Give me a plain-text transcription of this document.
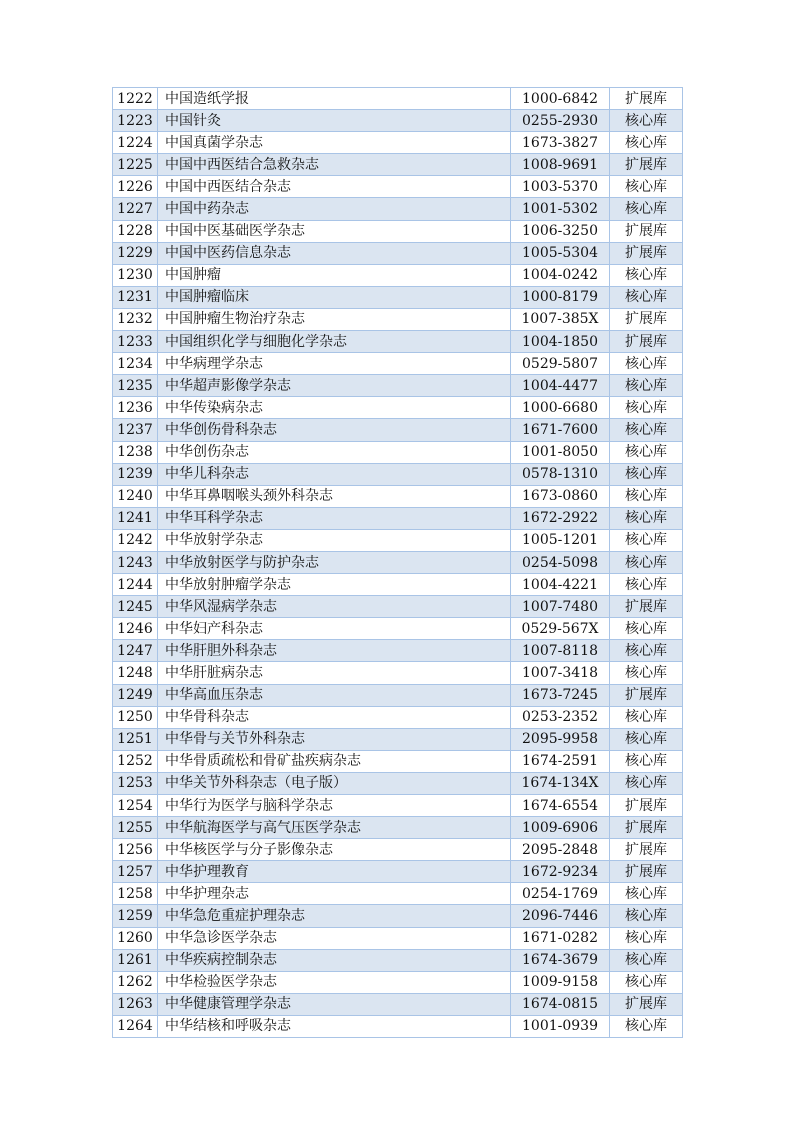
1222	中国造纸学报	1000-6842	扩展库
1223	中国针灸	0255-2930	核心库
1224	中国真菌学杂志	1673-3827	核心库
1225	中国中西医结合急救杂志	1008-9691	扩展库
1226	中国中西医结合杂志	1003-5370	核心库
1227	中国中药杂志	1001-5302	核心库
1228	中国中医基础医学杂志	1006-3250	扩展库
1229	中国中医药信息杂志	1005-5304	扩展库
1230	中国肿瘤	1004-0242	核心库
1231	中国肿瘤临床	1000-8179	核心库
1232	中国肿瘤生物治疗杂志	1007-385X	扩展库
1233	中国组织化学与细胞化学杂志	1004-1850	扩展库
1234	中华病理学杂志	0529-5807	核心库
1235	中华超声影像学杂志	1004-4477	核心库
1236	中华传染病杂志	1000-6680	核心库
1237	中华创伤骨科杂志	1671-7600	核心库
1238	中华创伤杂志	1001-8050	核心库
1239	中华儿科杂志	0578-1310	核心库
1240	中华耳鼻咽喉头颈外科杂志	1673-0860	核心库
1241	中华耳科学杂志	1672-2922	核心库
1242	中华放射学杂志	1005-1201	核心库
1243	中华放射医学与防护杂志	0254-5098	核心库
1244	中华放射肿瘤学杂志	1004-4221	核心库
1245	中华风湿病学杂志	1007-7480	扩展库
1246	中华妇产科杂志	0529-567X	核心库
1247	中华肝胆外科杂志	1007-8118	核心库
1248	中华肝脏病杂志	1007-3418	核心库
1249	中华高血压杂志	1673-7245	扩展库
1250	中华骨科杂志	0253-2352	核心库
1251	中华骨与关节外科杂志	2095-9958	核心库
1252	中华骨质疏松和骨矿盐疾病杂志	1674-2591	核心库
1253	中华关节外科杂志（电子版）	1674-134X	核心库
1254	中华行为医学与脑科学杂志	1674-6554	扩展库
1255	中华航海医学与高气压医学杂志	1009-6906	扩展库
1256	中华核医学与分子影像杂志	2095-2848	扩展库
1257	中华护理教育	1672-9234	扩展库
1258	中华护理杂志	0254-1769	核心库
1259	中华急危重症护理杂志	2096-7446	核心库
1260	中华急诊医学杂志	1671-0282	核心库
1261	中华疾病控制杂志	1674-3679	核心库
1262	中华检验医学杂志	1009-9158	核心库
1263	中华健康管理学杂志	1674-0815	扩展库
1264	中华结核和呼吸杂志	1001-0939	核心库
